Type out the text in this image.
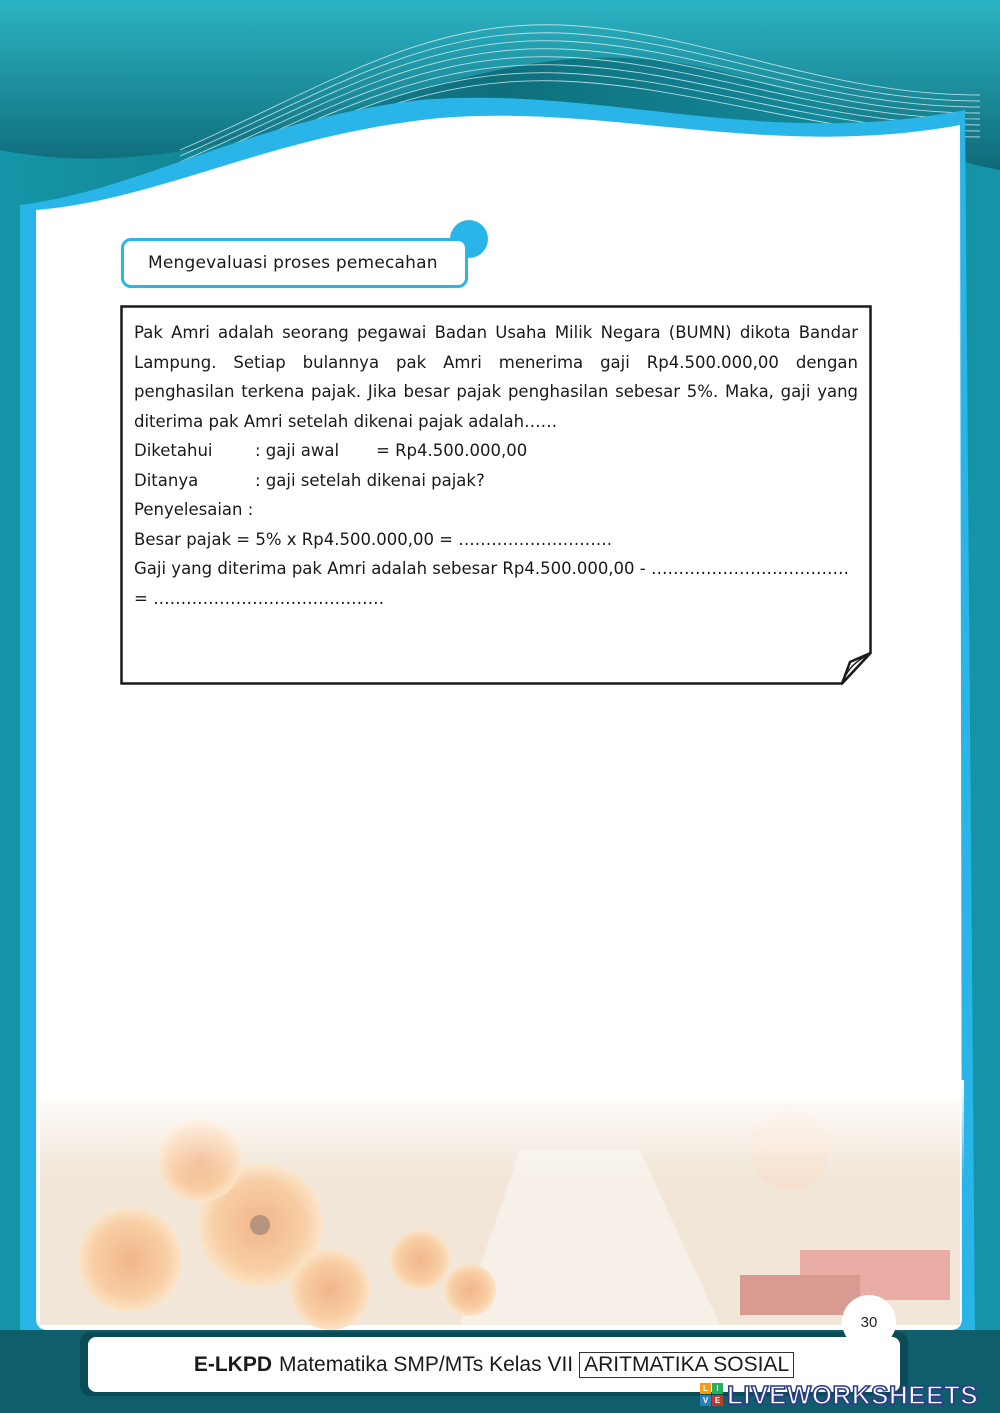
Mengevaluasi proses pemecahan
Pak Amri adalah seorang pegawai Badan Usaha Milik Negara (BUMN) dikota Bandar Lampung. Setiap bulannya pak Amri menerima gaji Rp4.500.000,00 dengan penghasilan terkena pajak. Jika besar pajak penghasilan sebesar 5%. Maka, gaji yang diterima pak Amri setelah dikenai pajak adalah……
Diketahui	: gaji awal	= Rp4.500.000,00
Ditanya	: gaji setelah dikenai pajak?
Penyelesaian :
Besar pajak = 5% x Rp4.500.000,00 = ……………………….
Gaji yang diterima pak Amri adalah sebesar Rp4.500.000,00 - ………………………………
= ……………………………………
30
E-LKPD Matematika SMP/MTs Kelas VII ARITMATIKA SOSIAL
L	I
V E LIVEWORKSHEETS
